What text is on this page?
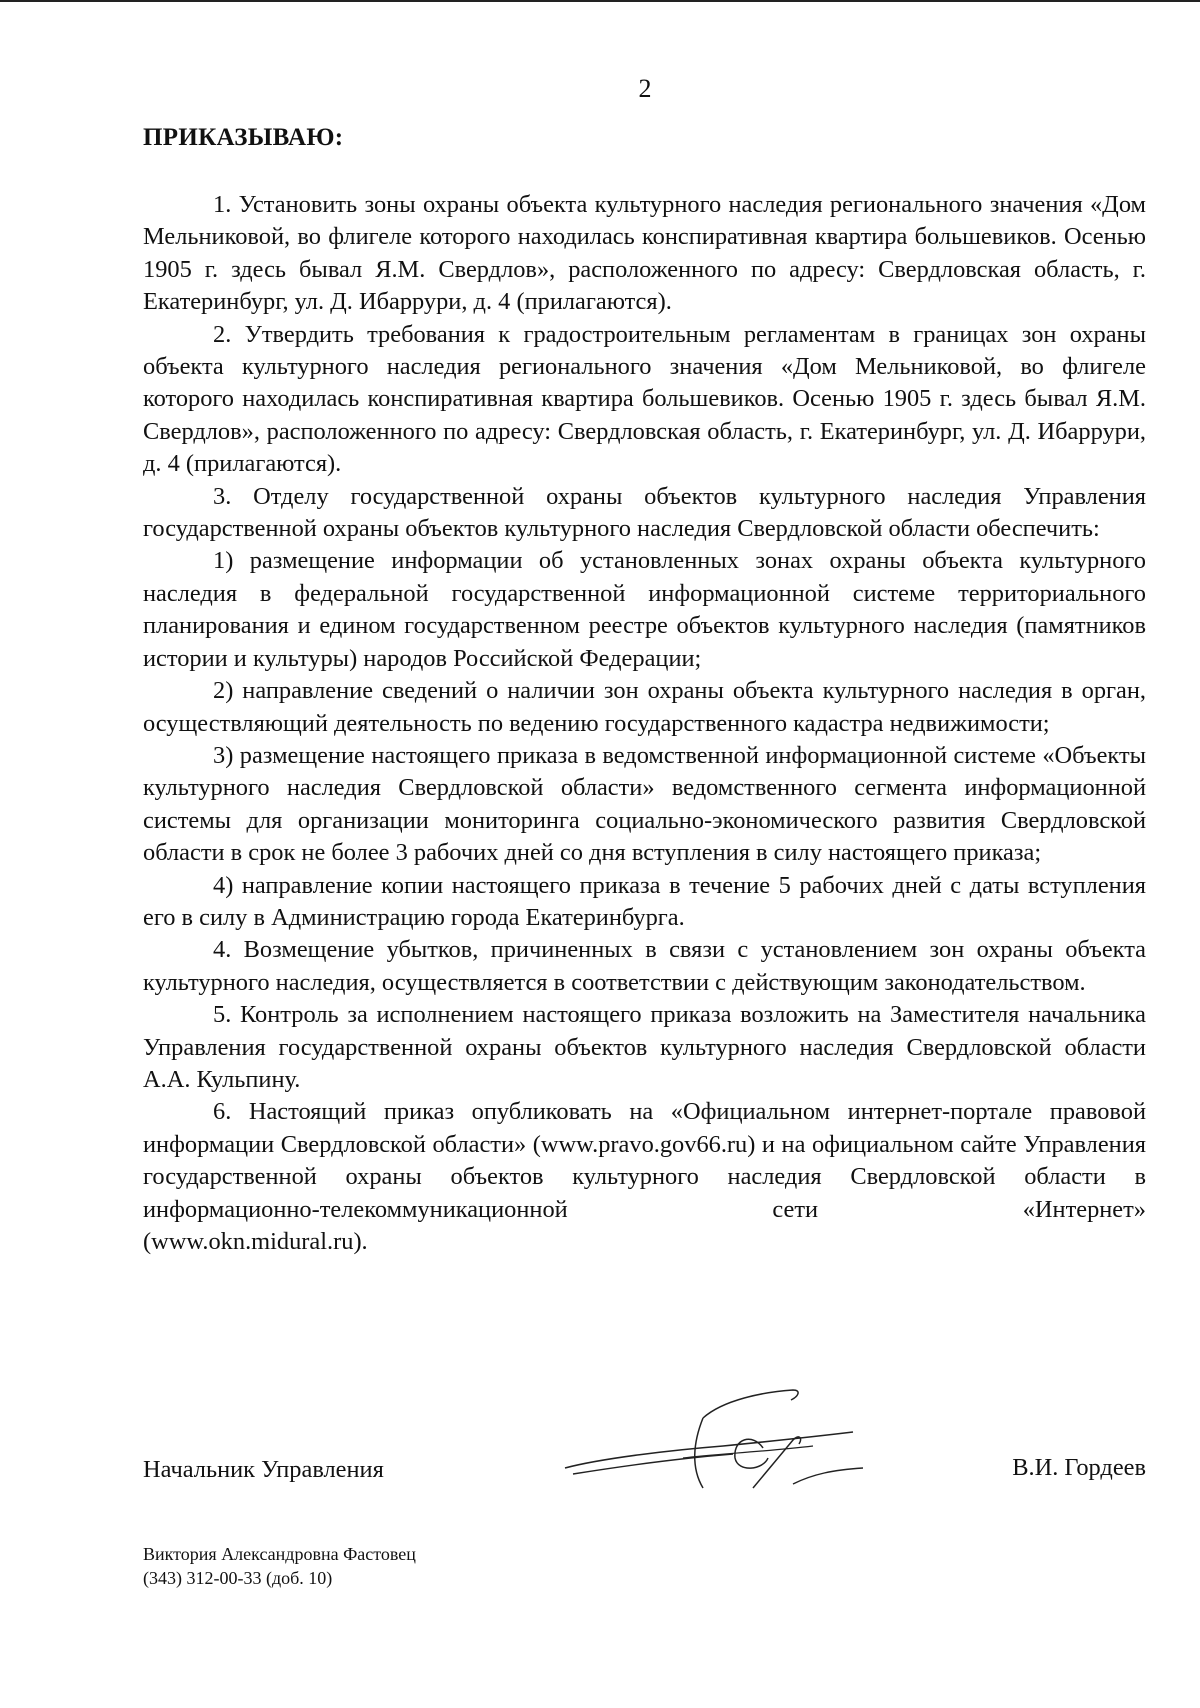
2
ПРИКАЗЫВАЮ:

1. Установить зоны охраны объекта культурного наследия регионального значения «Дом Мельниковой, во флигеле которого находилась конспиративная квартира большевиков. Осенью 1905 г. здесь бывал Я.М. Свердлов», расположенного по адресу: Свердловская область, г. Екатеринбург, ул. Д. Ибаррури, д. 4 (прилагаются).

2. Утвердить требования к градостроительным регламентам в границах зон охраны объекта культурного наследия регионального значения «Дом Мельниковой, во флигеле которого находилась конспиративная квартира большевиков. Осенью 1905 г. здесь бывал Я.М. Свердлов», расположенного по адресу: Свердловская область, г. Екатеринбург, ул. Д. Ибаррури, д. 4 (прилагаются).

3. Отделу государственной охраны объектов культурного наследия Управления государственной охраны объектов культурного наследия Свердловской области обеспечить:

1) размещение информации об установленных зонах охраны объекта культурного наследия в федеральной государственной информационной системе территориального планирования и едином государственном реестре объектов культурного наследия (памятников истории и культуры) народов Российской Федерации;

2) направление сведений о наличии зон охраны объекта культурного наследия в орган, осуществляющий деятельность по ведению государственного кадастра недвижимости;

3) размещение настоящего приказа в ведомственной информационной системе «Объекты культурного наследия Свердловской области» ведомственного сегмента информационной системы для организации мониторинга социально-экономического развития Свердловской области в срок не более 3 рабочих дней со дня вступления в силу настоящего приказа;

4) направление копии настоящего приказа в течение 5 рабочих дней с даты вступления его в силу в Администрацию города Екатеринбурга.

4. Возмещение убытков, причиненных в связи с установлением зон охраны объекта культурного наследия, осуществляется в соответствии с действующим законодательством.

5. Контроль за исполнением настоящего приказа возложить на Заместителя начальника Управления государственной охраны объектов культурного наследия Свердловской области А.А. Кульпину.

6. Настоящий приказ опубликовать на «Официальном интернет-портале правовой информации Свердловской области» (www.pravo.gov66.ru) и на официальном сайте Управления государственной охраны объектов культурного наследия Свердловской области в информационно-телекоммуникационной сети «Интернет»

(www.okn.midural.ru).

Начальник Управления	В.И. Гордеев
Виктория Александровна Фастовец
(343) 312-00-33 (доб. 10)
